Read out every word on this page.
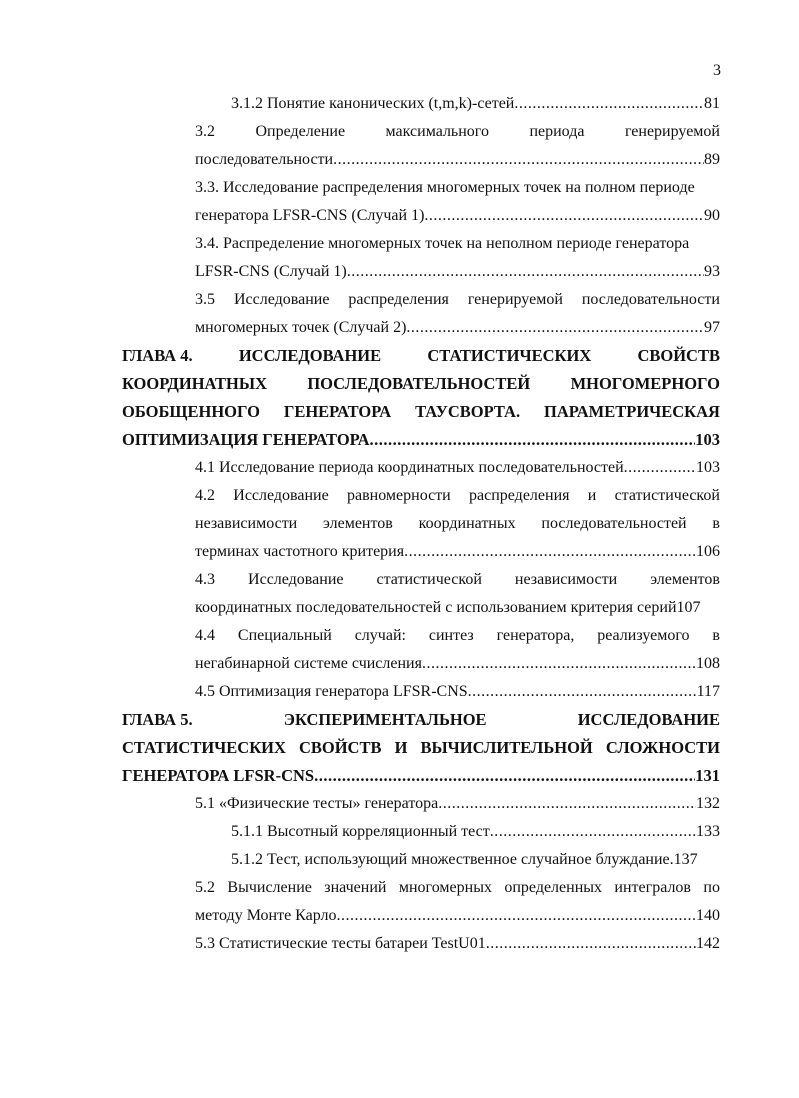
3
3.1.2 Понятие канонических (t,m,k)-сетей .....	81
3.2	Определение	максимального	периода	генерируемой
последовательности .....	89
3.3. Исследование распределения многомерных точек на полном периоде
генератора LFSR-CNS (Случай 1) .....	90
3.4. Распределение многомерных точек на неполном периоде генератора
LFSR-CNS (Случай 1) .....	93
3.5 Исследование распределения генерируемой последовательности
многомерных точек (Случай 2) .....	97
ГЛАВА 4.	ИССЛЕДОВАНИЕ	СТАТИСТИЧЕСКИХ	СВОЙСТВ
КООРДИНАТНЫХ ПОСЛЕДОВАТЕЛЬНОСТЕЙ МНОГОМЕРНОГО
ОБОБЩЕННОГО ГЕНЕРАТОРА ТАУСВОРТА. ПАРАМЕТРИЧЕСКАЯ
ОПТИМИЗАЦИЯ ГЕНЕРАТОРА .....	103
4.1 Исследование периода координатных последовательностей .....	103
4.2 Исследование равномерности распределения и статистической
независимости элементов координатных последовательностей в
терминах частотного критерия .....	106
4.3 Исследование статистической независимости элементов
координатных последовательностей с использованием критерия серий 107
4.4 Специальный случай: синтез генератора, реализуемого в
негабинарной системе счисления .....	108
4.5 Оптимизация генератора LFSR-CNS .....	117
ГЛАВА 5.	ЭКСПЕРИМЕНТАЛЬНОЕ	ИССЛЕДОВАНИЕ
СТАТИСТИЧЕСКИХ СВОЙСТВ И ВЫЧИСЛИТЕЛЬНОЙ СЛОЖНОСТИ
ГЕНЕРАТОРА LFSR-CNS .....	131
5.1 «Физические тесты» генератора .....	132
5.1.1 Высотный корреляционный тест .....	133
5.1.2 Тест, использующий множественное случайное блуждание. 137
5.2 Вычисление значений многомерных определенных интегралов по
методу Монте Карло .....	140
5.3 Статистические тесты батареи TestU01 .....	142
